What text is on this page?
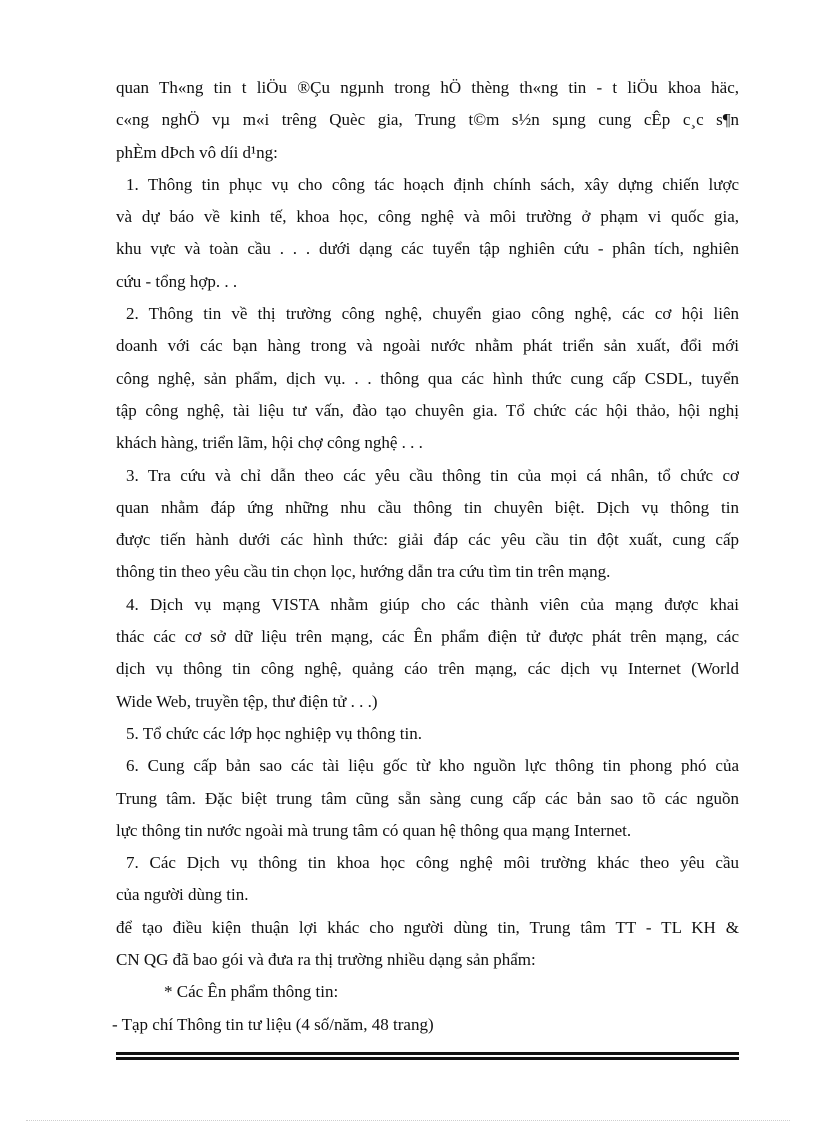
quan Th«ng tin t liÖu ®Çu ngµnh trong hÖ thèng th«ng tin - t liÖu khoa häc,
c«ng nghÖ vµ m«i trêng Quèc gia, Trung t©m s½n sµng cung cÊp c¸c s¶n
phÈm dÞch vô díi d¹ng:
1. Thông tin phục vụ cho công tác hoạch định chính sách, xây dựng chiến lược
và dự báo về kinh tế, khoa học, công nghệ và môi trường ở phạm vi quốc gia,
khu vực và toàn cầu . . . dưới dạng các tuyển tập nghiên cứu - phân tích, nghiên
cứu - tổng hợp. . .
2. Thông tin về thị trường công nghệ, chuyển giao công nghệ, các cơ hội liên
doanh với các bạn hàng trong và ngoài nước nhằm phát triển sản xuất, đổi mới
công nghệ, sản phẩm, dịch vụ. . . thông qua các hình thức cung cấp CSDL, tuyển
tập công nghệ, tài liệu tư vấn, đào tạo chuyên gia. Tổ chức các hội thảo, hội nghị
khách hàng, triển lãm, hội chợ công nghệ . . .
3. Tra cứu và chỉ dẫn theo các yêu cầu thông tin của mọi cá nhân, tổ chức cơ
quan nhằm đáp ứng những nhu cầu thông tin chuyên biệt. Dịch vụ thông tin
được tiến hành dưới các hình thức: giải đáp các yêu cầu tin đột xuất, cung cấp
thông tin theo yêu cầu tin chọn lọc, hướng dẫn tra cứu tìm tin trên mạng.
4. Dịch vụ mạng VISTA nhằm giúp cho các thành viên của mạng được khai
thác các cơ sở dữ liệu trên mạng, các Ên phẩm điện tử được phát trên mạng, các
dịch vụ thông tin công nghệ, quảng cáo trên mạng, các dịch vụ Internet (World
Wide Web, truyền tệp, thư điện tử . . .)
5. Tổ chức các lớp học nghiệp vụ thông tin.
6. Cung cấp bản sao các tài liệu gốc từ kho nguồn lực thông tin phong phó của
Trung tâm. Đặc biệt trung tâm cũng sẵn sàng cung cấp các bản sao tõ các nguồn
lực thông tin nước ngoài mà trung tâm có quan hệ thông qua mạng Internet.
7. Các Dịch vụ thông tin khoa học công nghệ môi trường khác theo yêu cầu
của người dùng tin.
để tạo điều kiện thuận lợi khác cho người dùng tin, Trung tâm TT - TL KH &
CN QG đã bao gói và đưa ra thị trường nhiều dạng sản phẩm:
* Các Ên phẩm thông tin:
- Tạp chí Thông tin tư liệu (4 số/năm, 48 trang)
